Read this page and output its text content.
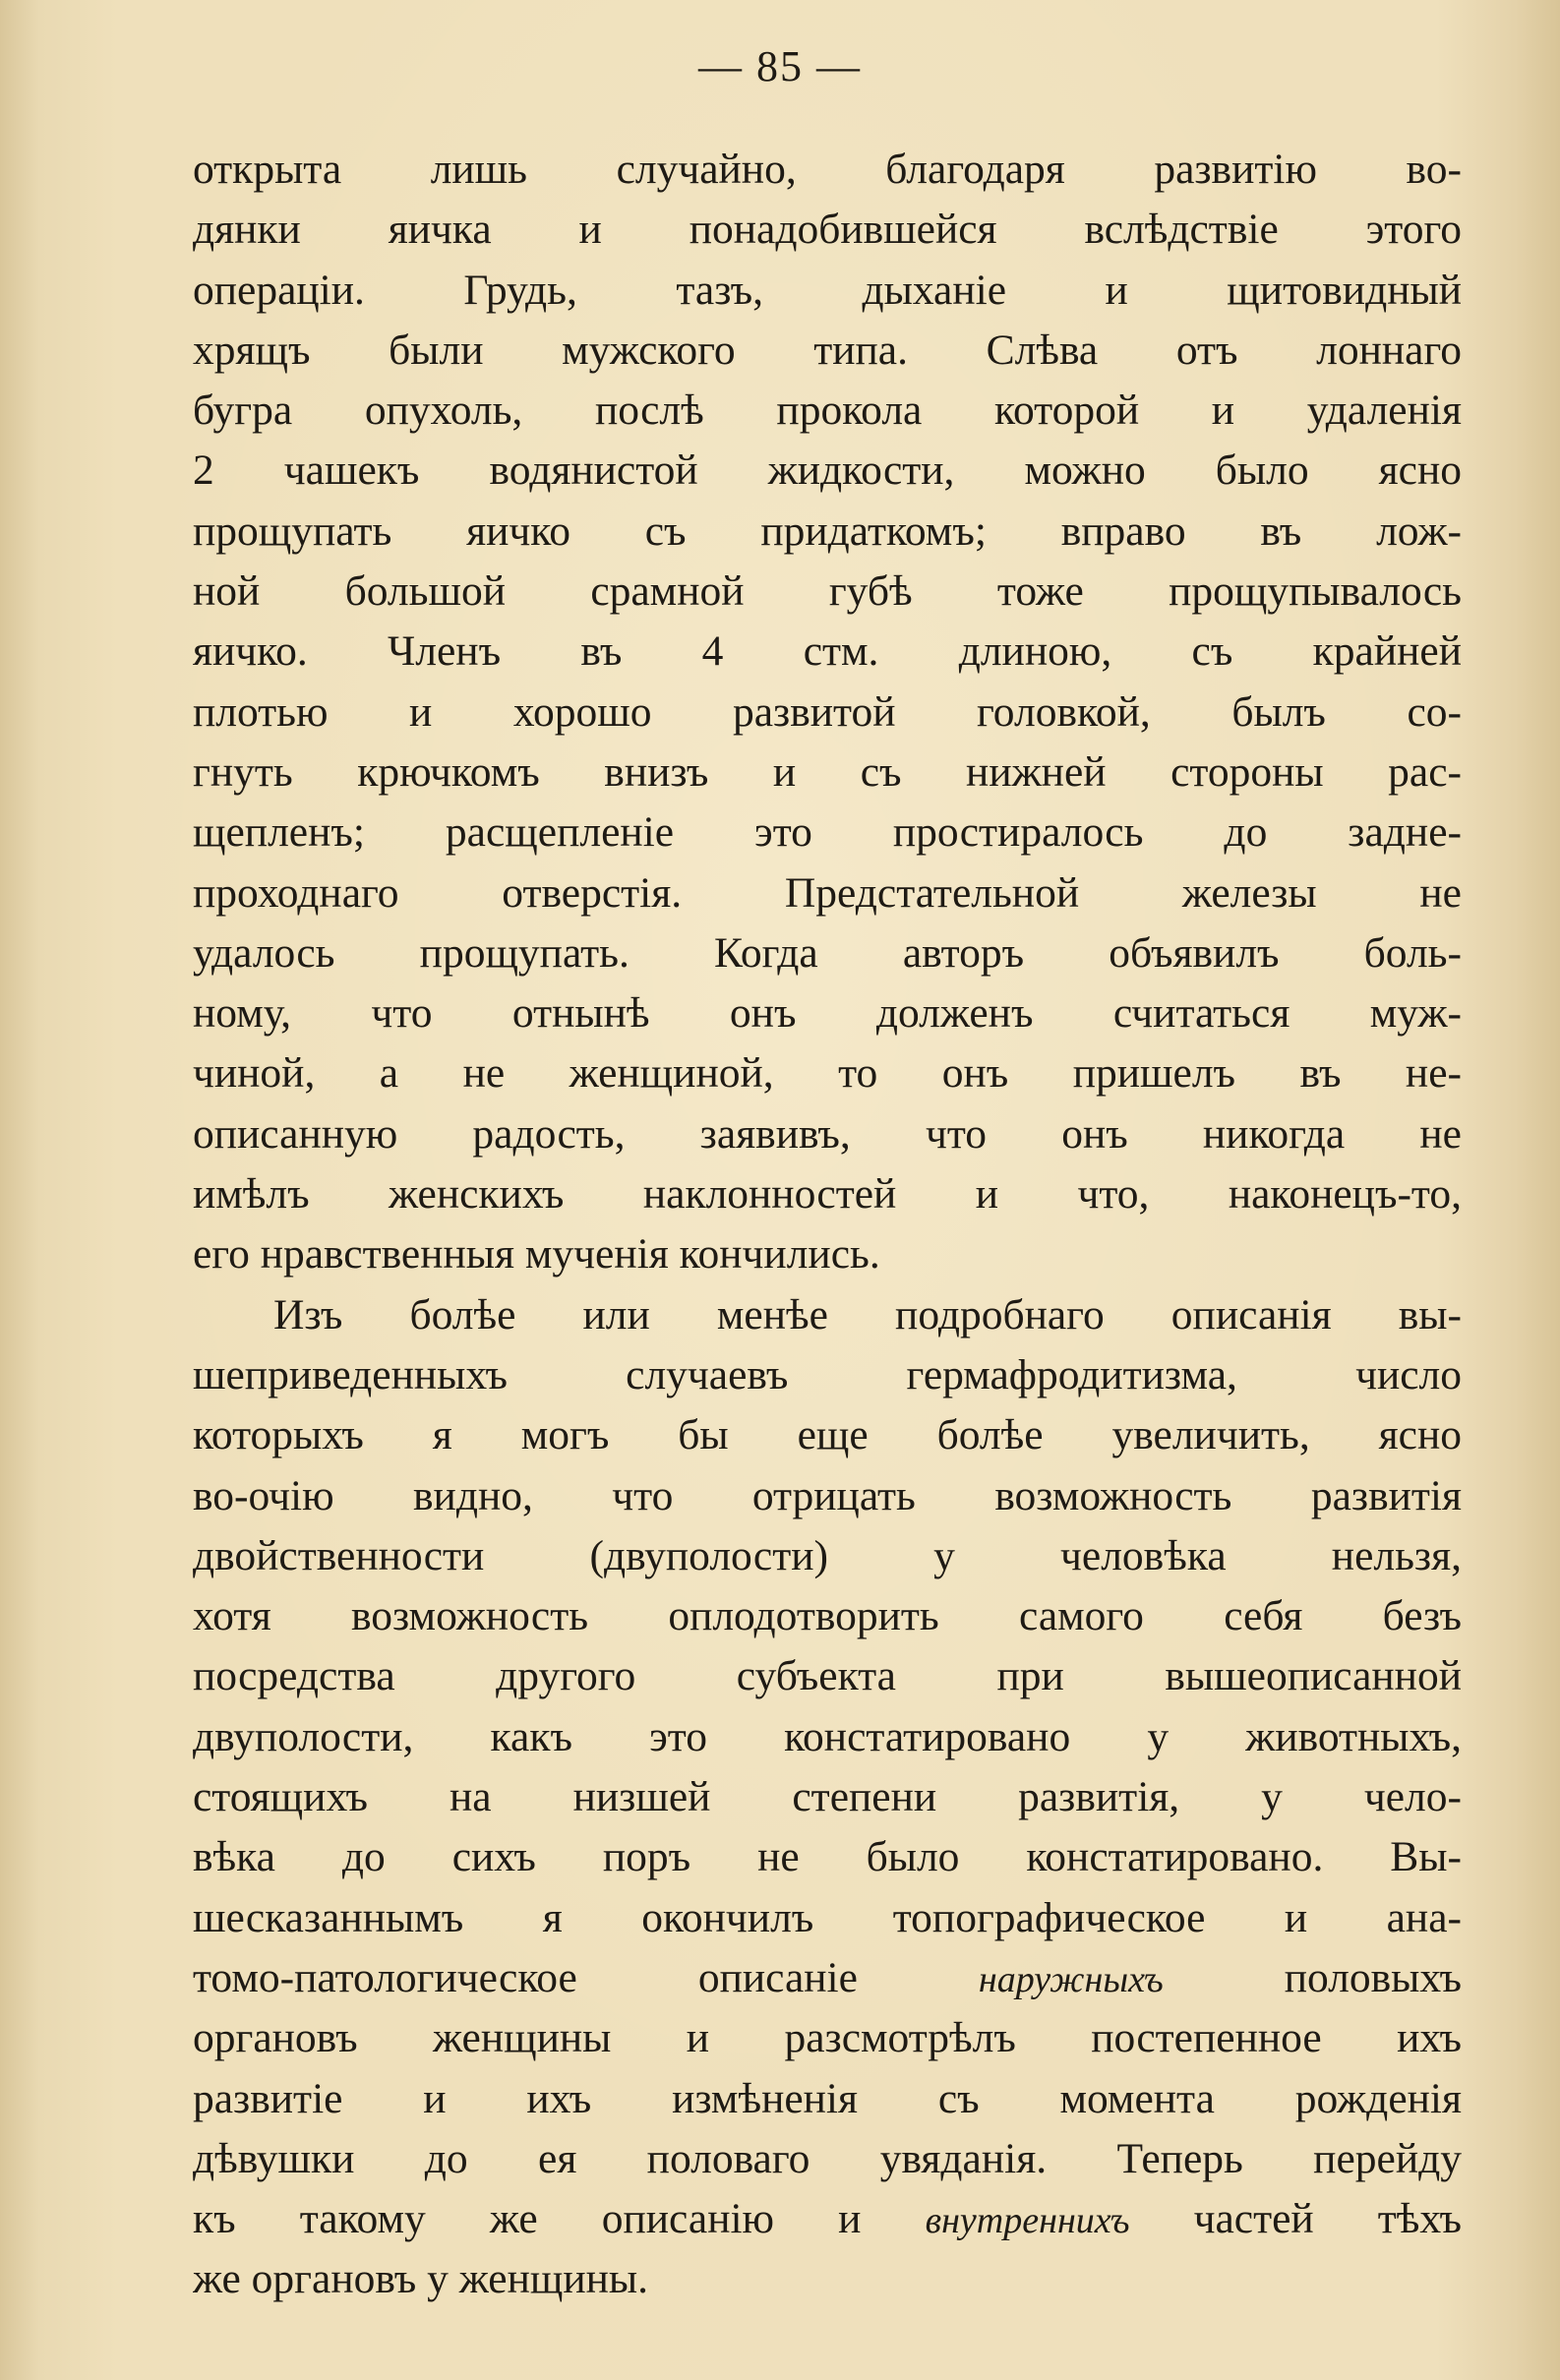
— 85 —
открыта лишь случайно, благодаря развитію во-
дянки яичка и понадобившейся вслѣдствіе этого
операціи. Грудь, тазъ, дыханіе и щитовидный
хрящъ были мужского типа. Слѣва отъ лоннаго
бугра опухоль, послѣ прокола которой и удаленія
2 чашекъ водянистой жидкости, можно было ясно
прощупать яичко съ придаткомъ; вправо въ лож-
ной большой срамной губѣ тоже прощупывалось
яичко. Членъ въ 4 стм. длиною, съ крайней
плотью и хорошо развитой головкой, былъ со-
гнуть крючкомъ внизъ и съ нижней стороны рас-
щепленъ; расщепленіе это простиралось до задне-
проходнаго отверстія. Предстательной железы не
удалось прощупать. Когда авторъ объявилъ боль-
ному, что отнынѣ онъ долженъ считаться муж-
чиной, а не женщиной, то онъ пришелъ въ не-
описанную радость, заявивъ, что онъ никогда не
имѣлъ женскихъ наклонностей и что, наконецъ-то,
его нравственныя мученія кончились.
Изъ болѣе или менѣе подробнаго описанія вы-
шеприведенныхъ случаевъ гермафродитизма, число
которыхъ я могъ бы еще болѣе увеличить, ясно
во-очію видно, что отрицать возможность развитія
двойственности (двуполости) у человѣка нельзя,
хотя возможность оплодотворить самого себя безъ
посредства другого субъекта при вышеописанной
двуполости, какъ это констатировано у животныхъ,
стоящихъ на низшей степени развитія, у чело-
вѣка до сихъ поръ не было констатировано. Вы-
шесказаннымъ я окончилъ топографическое и ана-
томо-патологическое описаніе	наружныхъ	половыхъ
органовъ женщины и разсмотрѣлъ постепенное ихъ
развитіе и ихъ измѣненія съ момента рожденія
дѣвушки до ея половаго увяданія. Теперь перейду
къ такому же описанію и внутреннихъ частей тѣхъ
же органовъ у женщины.
